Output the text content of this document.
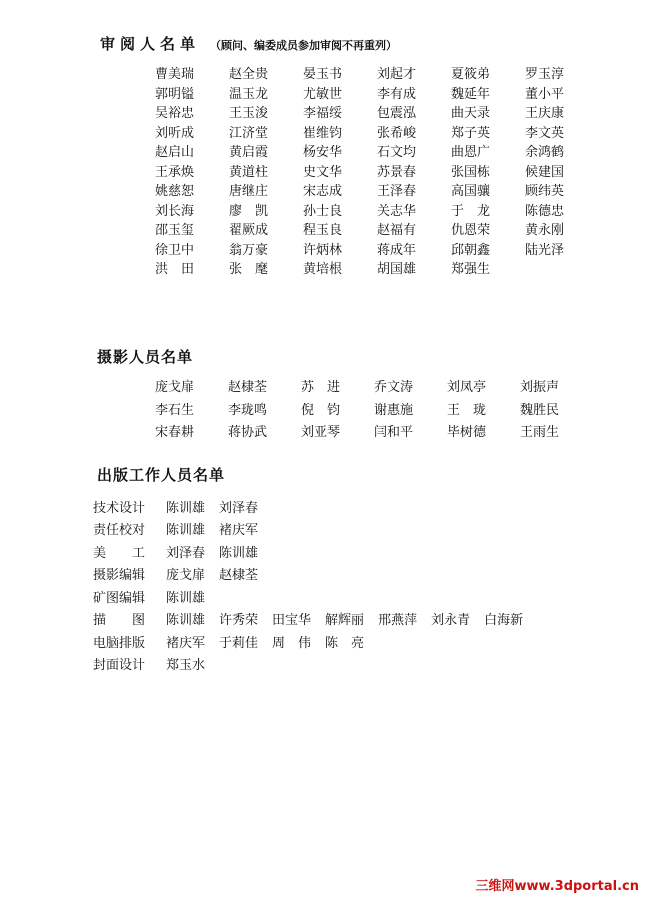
审阅人名单 （顾问、编委成员参加审阅不再重列）
曹美瑞	赵全贵	晏玉书	刘起才	夏筱弟	罗玉淳
郭明镒	温玉龙	尤敏世	李有成	魏延年	董小平
吴裕忠	王玉浚	李福绥	包震泓	曲天录	王庆康
刘听成	江济堂	崔维钧	张希峻	郑子英	李文英
赵启山	黄启霞	杨安华	石文均	曲恩广	余鸿鹤
王承焕	黄道柱	史文华	苏景春	张国栋	候建国
姚慈恕	唐继庄	宋志成	王泽春	高国骧	顾纬英
刘长海	廖　凯	孙士良	关志华	于　龙	陈德忠
邵玉玺	翟厥成	程玉良	赵福有	仇恩荣	黄永刚
徐卫中	翁万豪	许炳林	蒋成年	邱朝鑫	陆光泽
洪　田	张　麾	黄培根	胡国雄	郑强生
摄影人员名单
庞戈扉	赵棣荃	苏　进	乔文涛	刘凤亭	刘振声
李石生	李珑鸣	倪　钧	谢惠施	王　珑	魏胜民
宋春耕	蒋协武	刘亚琴	闫和平	毕树德	王雨生
出版工作人员名单
技术设计	陈训雄 刘泽春
责任校对	陈训雄 褚庆军
美　　工	刘泽春 陈训雄
摄影编辑	庞戈扉 赵棣荃
矿图编辑	陈训雄
描　　图	陈训雄 许秀荣 田宝华 解辉丽 邢燕萍 刘永青 白海新
电脑排版	褚庆军 于莉佳 周　伟 陈　亮
封面设计	郑玉水
三维网www.3dportal.cn
